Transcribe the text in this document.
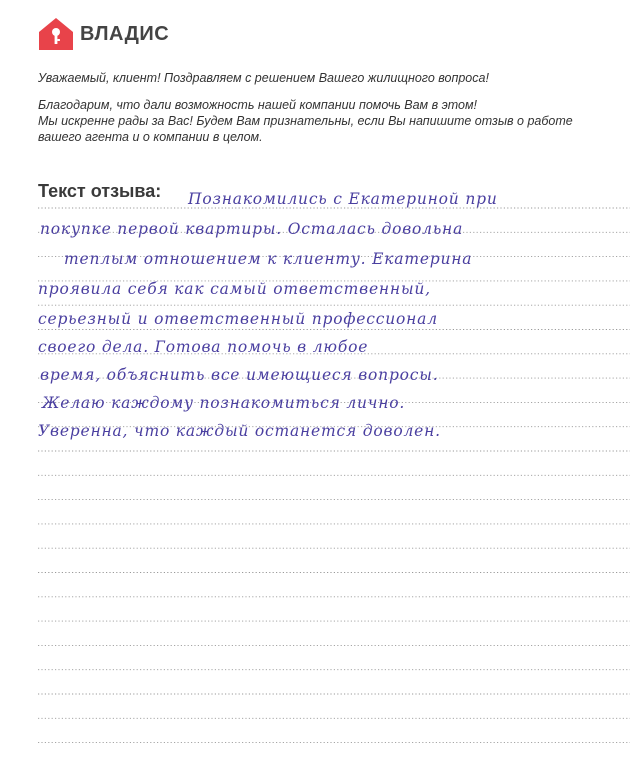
ВЛАДИС
Уважаемый, клиент! Поздравляем с решением Вашего жилищного вопроса!
Благодарим, что дали возможность нашей компании помочь Вам в этом!
Мы искренне рады за Вас! Будем Вам признательны, если Вы напишите отзыв о работе
вашего агента и о компании в целом.
Текст отзыва: Познакомились с Екатериной при
покупке первой квартиры. Осталась довольна
теплым отношением к клиенту. Екатерина
проявила себя как самый ответственный,
серьезный и ответственный профессионал
своего дела. Готова помочь в любое
время, объяснить все имеющиеся вопросы.
Желаю каждому познакомиться лично.
Уверенна, что каждый останется доволен.
